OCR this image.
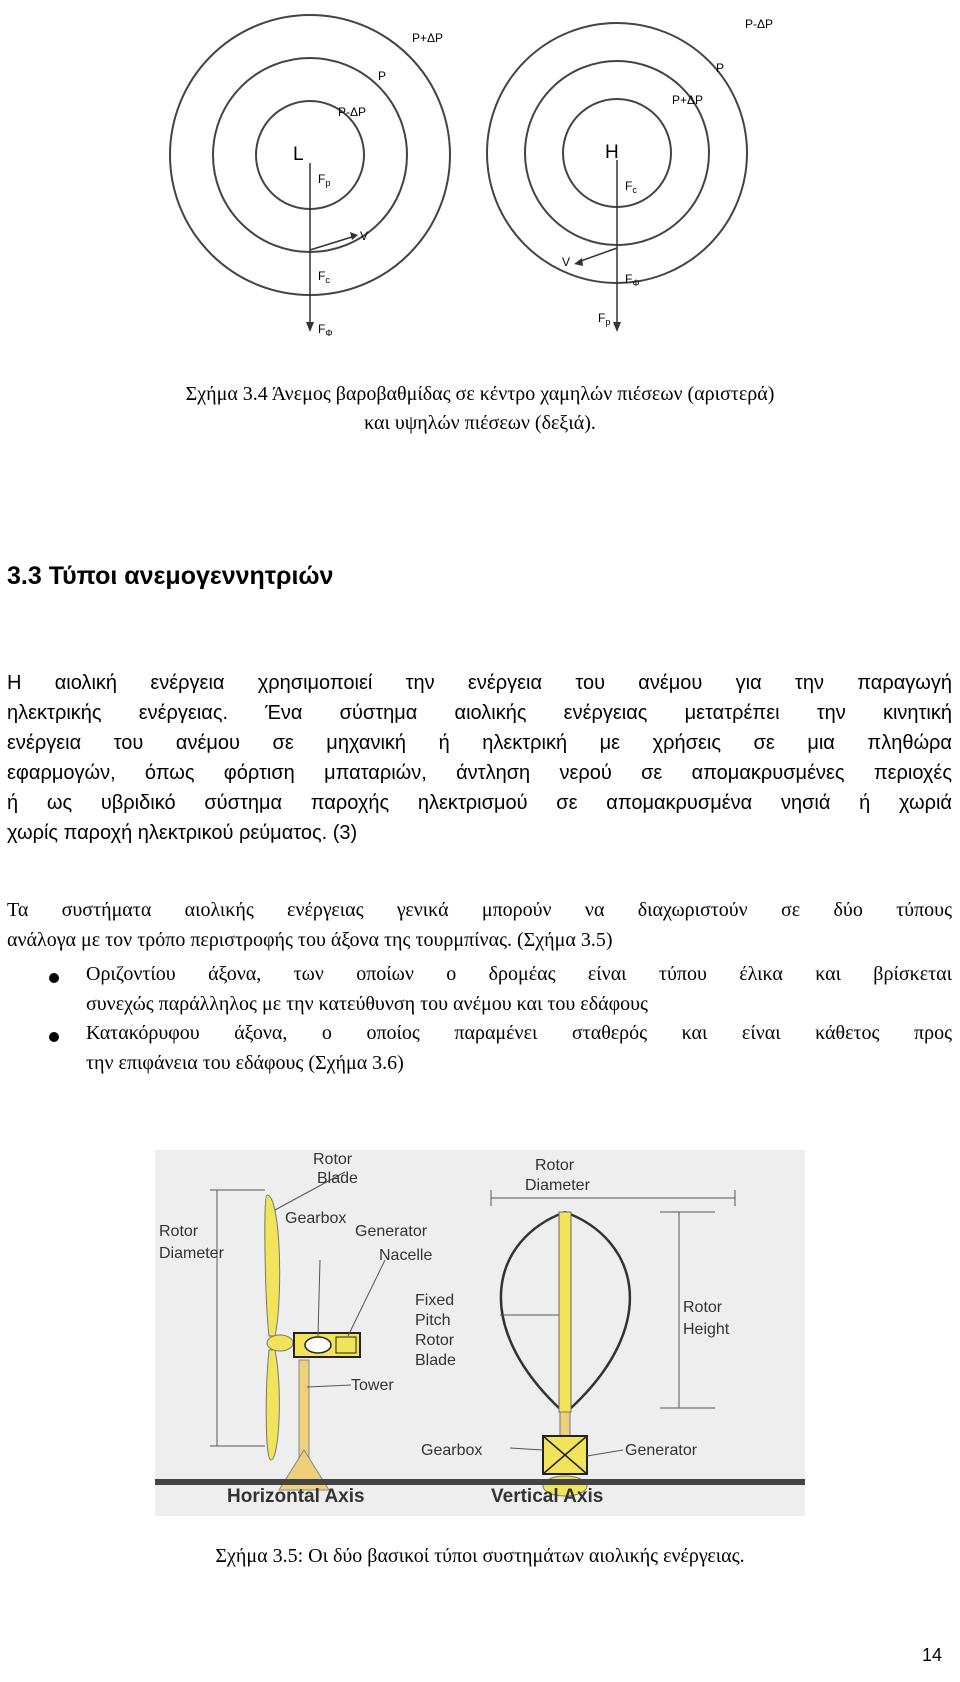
L
P+ΔP
P
P-ΔP
$F_p$
V
$F_c$
$F_\Phi$
H
P-ΔP
P
P+ΔP
$F_c$
V
$F_\Phi$
$F_p$
Σχήμα 3.4 Άνεμος βαροβαθμίδας σε κέντρο χαμηλών πιέσεων (αριστερά)
και υψηλών πιέσεων (δεξιά).
3.3 Τύποι ανεμογεννητριών
Η αιολική ενέργεια χρησιμοποιεί την ενέργεια του ανέμου για την παραγωγή
ηλεκτρικής ενέργειας. Ένα σύστημα αιολικής ενέργειας μετατρέπει την κινητική
ενέργεια του ανέμου σε μηχανική ή ηλεκτρική με χρήσεις σε μια πληθώρα
εφαρμογών, όπως φόρτιση μπαταριών, άντληση νερού σε απομακρυσμένες περιοχές
ή ως υβριδικό σύστημα παροχής ηλεκτρισμού σε απομακρυσμένα νησιά ή χωριά
χωρίς παροχή ηλεκτρικού ρεύματος. (3)
Τα συστήματα αιολικής ενέργειας γενικά μπορούν να διαχωριστούν σε δύο τύπους
ανάλογα με τον τρόπο περιστροφής του άξονα της τουρμπίνας. (Σχήμα 3.5)
Οριζοντίου άξονα, των οποίων ο δρομέας είναι τύπου έλικα και βρίσκεται
συνεχώς παράλληλος με την κατεύθυνση του ανέμου και του εδάφους
Κατακόρυφου άξονα, ο οποίος παραμένει σταθερός και είναι κάθετος προς
την επιφάνεια του εδάφους (Σχήμα 3.6)
Rotor
Blade
Gearbox
Generator
Nacelle
Rotor
Diameter
Tower
Horizontal Axis
Rotor
Diameter
Rotor
Height
Fixed
Pitch
Rotor
Blade
Gearbox	Generator
Vertical Axis
Σχήμα 3.5: Οι δύο βασικοί τύποι συστημάτων αιολικής ενέργειας.
14
